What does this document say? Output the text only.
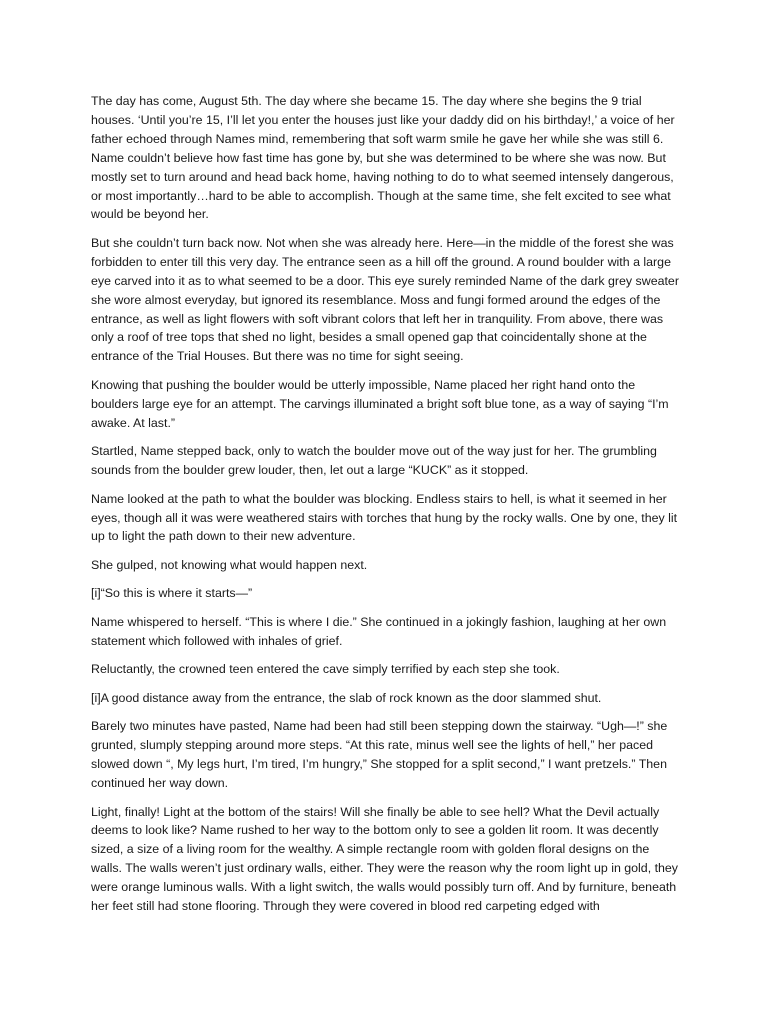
The day has come, August 5th. The day where she became 15. The day where she begins the 9 trial houses. ‘Until you’re 15, I’ll let you enter the houses just like your daddy did on his birthday!,’ a voice of her father echoed through Names mind, remembering that soft warm smile he gave her while she was still 6. Name couldn’t believe how fast time has gone by, but she was determined to be where she was now. But mostly set to turn around and head back home, having nothing to do to what seemed intensely dangerous, or most importantly…hard to be able to accomplish. Though at the same time, she felt excited to see what would be beyond her.

But she couldn’t turn back now. Not when she was already here. Here—in the middle of the forest she was forbidden to enter till this very day. The entrance seen as a hill off the ground. A round boulder with a large eye carved into it as to what seemed to be a door. This eye surely reminded Name of the dark grey sweater she wore almost everyday, but ignored its resemblance. Moss and fungi formed around the edges of the entrance, as well as light flowers with soft vibrant colors that left her in tranquility. From above, there was only a roof of tree tops that shed no light, besides a small opened gap that coincidentally shone at the entrance of the Trial Houses. But there was no time for sight seeing.

Knowing that pushing the boulder would be utterly impossible, Name placed her right hand onto the boulders large eye for an attempt. The carvings illuminated a bright soft blue tone, as a way of saying “I’m awake. At last.”

Startled, Name stepped back, only to watch the boulder move out of the way just for her. The grumbling sounds from the boulder grew louder, then, let out a large “KUCK” as it stopped.

Name looked at the path to what the boulder was blocking. Endless stairs to hell, is what it seemed in her eyes, though all it was were weathered stairs with torches that hung by the rocky walls. One by one, they lit up to light the path down to their new adventure.

She gulped, not knowing what would happen next.

[i]“So this is where it starts—”

Name whispered to herself. “This is where I die.” She continued in a jokingly fashion, laughing at her own statement which followed with inhales of grief.

Reluctantly, the crowned teen entered the cave simply terrified by each step she took.

[i]A good distance away from the entrance, the slab of rock known as the door slammed shut.

Barely two minutes have pasted, Name had been had still been stepping down the stairway. “Ugh—!” she grunted, slumply stepping around more steps. “At this rate, minus well see the lights of hell,” her paced slowed down “, My legs hurt, I’m tired, I’m hungry,” She stopped for a split second,” I want pretzels.” Then continued her way down.

Light, finally! Light at the bottom of the stairs! Will she finally be able to see hell? What the Devil actually deems to look like? Name rushed to her way to the bottom only to see a golden lit room. It was decently sized, a size of a living room for the wealthy. A simple rectangle room with golden floral designs on the walls. The walls weren’t just ordinary walls, either. They were the reason why the room light up in gold, they were orange luminous walls. With a light switch, the walls would possibly turn off. And by furniture, beneath her feet still had stone flooring. Through they were covered in blood red carpeting edged with
